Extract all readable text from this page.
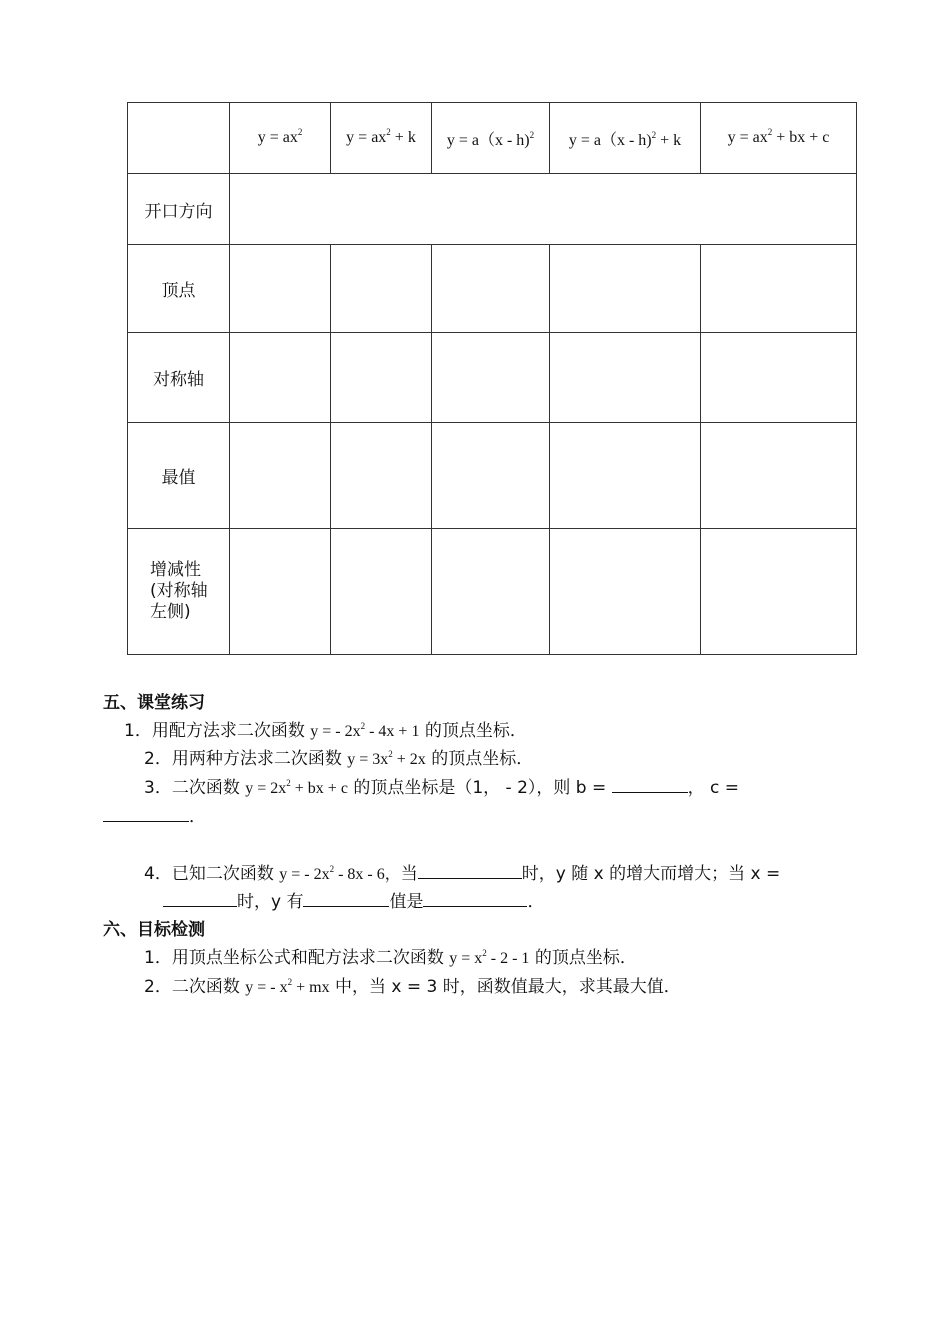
	$y = ax^2$	$y = ax^2 + k$	y = a（x - h)$^2$	y = a（x - h)$^2$ + k	$y = ax^2$ + bx + c
开口方向					
顶点					
对称轴					
最值					

增减性
(对称轴
左侧)					

五、课堂练习
1．用配方法求二次函数 y = - $2x^2 - 4x + 1$ 的顶点坐标．
2．用两种方法求二次函数 $y = 3x^2 + 2x$ 的顶点坐标．
3．二次函数 $y = 2x^2$ + bx + c 的顶点坐标是（1， - 2），则 b =	， c =
．
4．已知二次函数 y = - $2x^2 - 8x - 6$，当	时，y 随 x 的增大而增大；当 x =
时，y 有	值是	．
六、目标检测
1．用顶点坐标公式和配方法求二次函数 $y = x^2 - 2 - 1$ 的顶点坐标．
2．二次函数 y = - $x^2$ + mx 中，当 x = 3 时，函数值最大，求其最大值．
